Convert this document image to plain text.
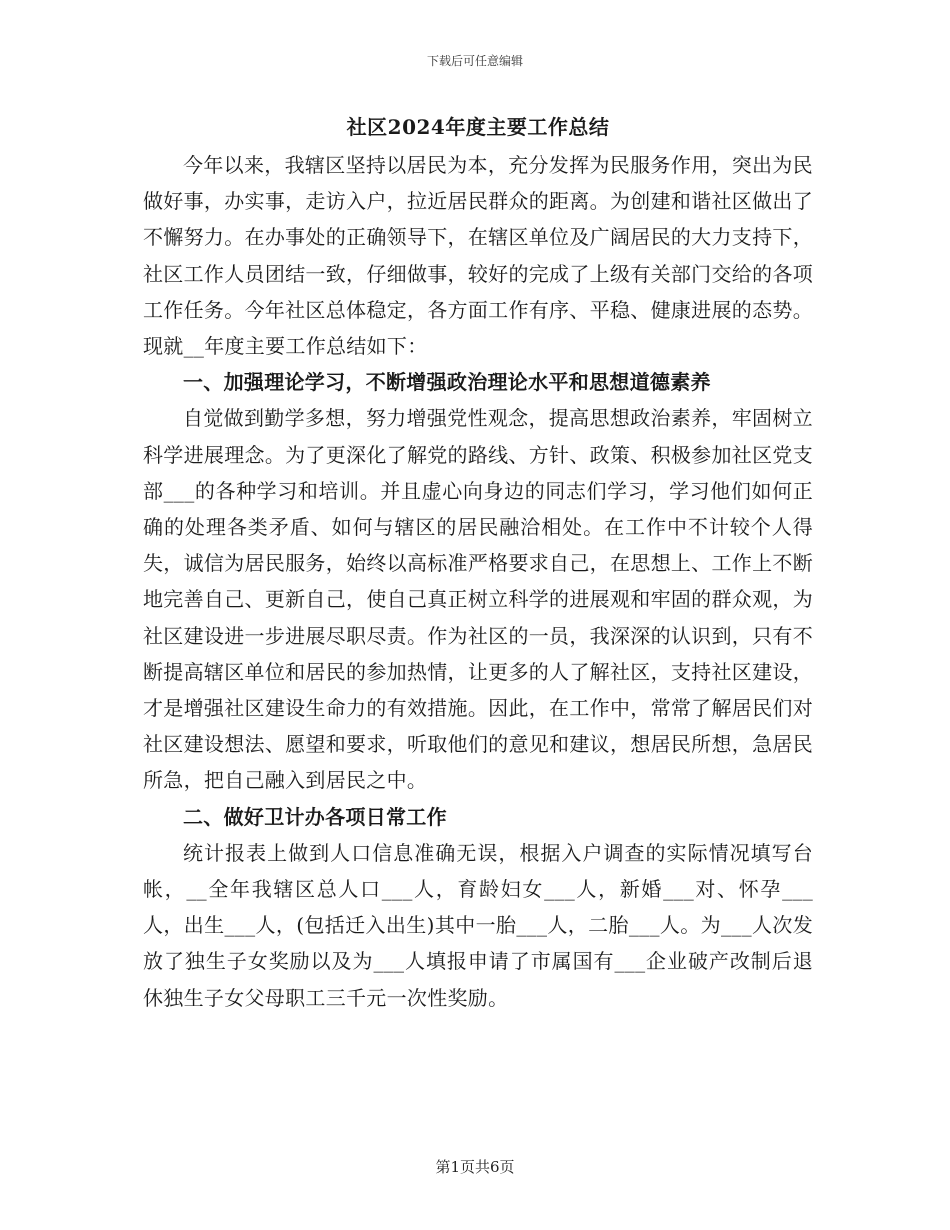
下载后可任意编辑
社区2024年度主要工作总结

今年以来，我辖区坚持以居民为本，充分发挥为民服务作用，突出为民做好事，办实事，走访入户，拉近居民群众的距离。为创建和谐社区做出了不懈努力。在办事处的正确领导下，在辖区单位及广阔居民的大力支持下，社区工作人员团结一致，仔细做事，较好的完成了上级有关部门交给的各项工作任务。今年社区总体稳定，各方面工作有序、平稳、健康进展的态势。现就__年度主要工作总结如下：

一、加强理论学习，不断增强政治理论水平和思想道德素养

自觉做到勤学多想，努力增强党性观念，提高思想政治素养，牢固树立科学进展理念。为了更深化了解党的路线、方针、政策、积极参加社区党支部___的各种学习和培训。并且虚心向身边的同志们学习，学习他们如何正确的处理各类矛盾、如何与辖区的居民融洽相处。在工作中不计较个人得失，诚信为居民服务，始终以高标准严格要求自己，在思想上、工作上不断地完善自己、更新自己，使自己真正树立科学的进展观和牢固的群众观，为社区建设进一步进展尽职尽责。作为社区的一员，我深深的认识到，只有不断提高辖区单位和居民的参加热情，让更多的人了解社区，支持社区建设，才是增强社区建设生命力的有效措施。因此，在工作中，常常了解居民们对社区建设想法、愿望和要求，听取他们的意见和建议，想居民所想，急居民所急，把自己融入到居民之中。

二、做好卫计办各项日常工作

统计报表上做到人口信息准确无误，根据入户调查的实际情况填写台帐，__全年我辖区总人口___人，育龄妇女___人，新婚___对、怀孕___人，出生___人，(包括迁入出生)其中一胎___人，二胎___人。为___人次发放了独生子女奖励以及为___人填报申请了市属国有___企业破产改制后退休独生子女父母职工三千元一次性奖励。

第1页共6页
